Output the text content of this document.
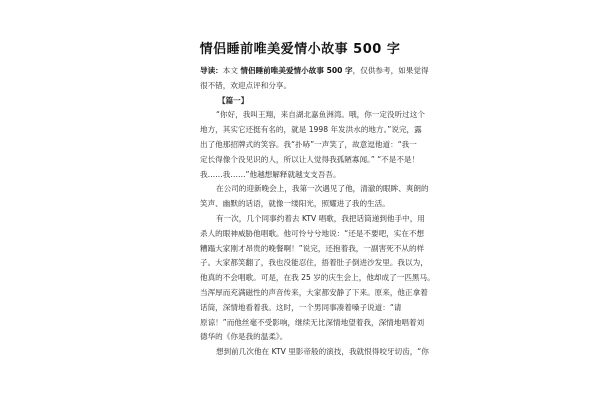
情侣睡前唯美爱情小故事 500 字
导读：本文 情侣睡前唯美爱情小故事 500 字，仅供参考，如果觉得
很不错，欢迎点评和分享。
【篇一】
“你好，我叫王翔，来自湖北嘉鱼洲湾。哦，你一定没听过这个
地方，其实它还挺有名的，就是 1998 年发洪水的地方。”说完，露
出了他那招牌式的笑容。我“扑哧”一声笑了，故意逗他道：“我一
定长得像个没见识的人，所以让人觉得我孤陋寡闻。” “不是不是！
我……我……”他越想解释就越支支吾吾。
在公司的迎新晚会上，我第一次遇见了他，清澈的眼眸、爽朗的
笑声、幽默的话语，就像一缕阳光，照耀进了我的生活。
有一次，几个同事约着去 KTV 唱歌，我把话筒递到他手中，用
杀人的眼神威胁他唱歌。他可怜兮兮地说：“还是不要吧，实在不想
糟蹋大家刚才昂贵的晚餐啊！”说完，还抱着我，一副害死不从的样
子。大家都笑翻了，我也没能忍住，捂着肚子倒进沙发里。我以为，
他真的不会唱歌。可是，在我 25 岁的庆生会上，他却成了一匹黑马。
当浑厚而充满磁性的声音传来，大家都安静了下来。原来，他正拿着
话筒，深情地看着我。这时，一个男同事凑着嗓子说道：“请
原谅！”而他丝毫不受影响，继续无比深情地望着我，深情地唱着刘
德华的《你是我的温柔》。
想到前几次他在 KTV 里影帝般的演技，我就恨得咬牙切齿，“你
